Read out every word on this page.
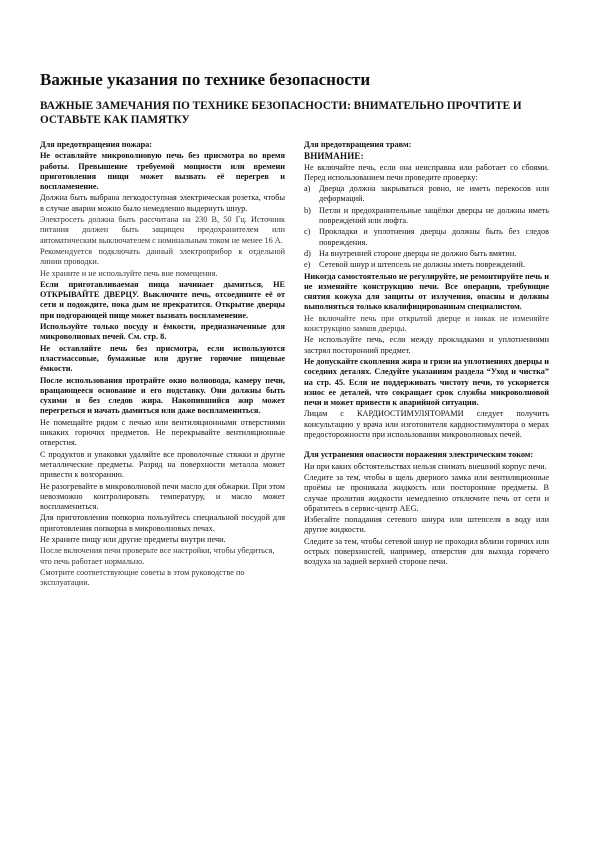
Важные указания по технике безопасности
ВАЖНЫЕ ЗАМЕЧАНИЯ ПО ТЕХНИКЕ БЕЗОПАСНОСТИ: ВНИМАТЕЛЬНО ПРОЧТИТЕ И ОСТАВЬТЕ КАК ПАМЯТКУ
Для предотвращения пожара:

Не оставляйте микроволновую печь без присмотра во время работы. Превышение требуемой мощности или времени приготовления пищи может вызвать её перегрев и воспламенение.

Должна быть выбрана легкодоступная электрическая розетка, чтобы в случае аварии можно было немедленно выдернуть шнур.

Электросеть должна быть рассчитана на 230 В, 50 Гц. Источник питания должен быть защищен предохранителем или автоматическим выключателем с номинальным током не менее 16 А.

Рекомендуется подключать данный электроприбор к отдельной линии проводки.

Не храните и не используйте печь вне помещения.

Если приготавливаемая пища начинает дымиться, НЕ ОТКРЫВАЙТЕ ДВЕРЦУ. Выключите печь, отсоедините её от сети и подождите, пока дым не прекратится. Открытие дверцы при подгорающей пище может вызвать воспламенение.

Используйте только посуду и ёмкости, предназначенные для микроволновых печей. См. стр. 8.

Не оставляйте печь без присмотра, если используются пластмассовые, бумажные или другие горючие пищевые ёмкости.

После использования протрайте окно волновода, камеру печи, вращающееся основание и его подставку. Они должны быть сухими и без следов жира. Накопившийся жир может перегреться и начать дымиться или даже воспламениться.

Не помещайте рядом с печью или вентиляционными отверстиями никаких горючих предметов. Не перекрывайте вентиляционные отверстия.

С продуктов и упаковки удаляйте все проволочные стяжки и другие металлические предметы. Разряд на поверхности металла может привести к возгоранию.

Не разогревайте в микроволновой печи масло для обжарки. При этом невозможно контролировать температуру, и масло может воспламениться.

Для приготовления попкорна пользуйтесь специальной посудой для приготовления попкорна в микроволновых печах.

Не храните пищу или другие предметы внутри печи.

После включения печи проверьте все настройки, чтобы убедиться, что печь работает нормально.

Смотрите соответствующие советы в этом руководстве по эксплуатации.

Для предотвращения травм:
ВНИМАНИЕ:

Не включайте печь, если она неисправна или работает со сбоями. Перед использованием печи проведите проверку:

a) Дверца должна закрываться ровно, не иметь перекосов или деформаций.
b) Петли и предохранительные защёлки дверцы не должны иметь повреждений или люфта.
c) Прокладки и уплотнения дверцы должны быть без следов повреждения.
d) На внутренней стороне дверцы не должно быть вмятин.
e) Сетевой шнур и штепсель не должны иметь повреждений.

Никогда самостоятельно не регулируйте, не ремонтируйте печь и не изменяйте конструкцию печи. Все операции, требующие снятия кожуха для защиты от излучения, опасны и должны выполняться только квалифицированным специалистом.

Не включайте печь при открытой дверце и никак не изменяйте конструкцию замков дверцы.

Не используйте печь, если между прокладками и уплотнениями застрял посторонний предмет.

Не допускайте скопления жира и грязи на уплотнениях дверцы и соседних деталях. Следуйте указаниям раздела “Уход и чистка” на стр. 45. Если не поддерживать чистоту печи, то ускоряется износ ее деталей, что сокращает срок службы микроволновой печи и может привести к аварийной ситуации.

Лицам с КАРДИОСТИМУЛЯТОРАМИ следует получить консультацию у врача или изготовителя кардиостимулятора о мерах предосторожности при использовании микроволновых печей.

Для устранения опасности поражения электрическим током:

Ни при каких обстоятельствах нельзя снимать внешний корпус печи.

Следите за тем, чтобы в щель дверного замка или вентиляционные проёмы не проникала жидкость или посторонние предметы. В случае пролития жидкости немедленно отключите печь от сети и обратитесь в сервис-центр AEG.

Избегайте попадания сетевого шнура или штепселя в воду или другие жидкости.

Следите за тем, чтобы сетевой шнур не проходил вблизи горячих или острых поверхностей, например, отверстия для выхода горячего воздуха на задней верхней стороне печи.
